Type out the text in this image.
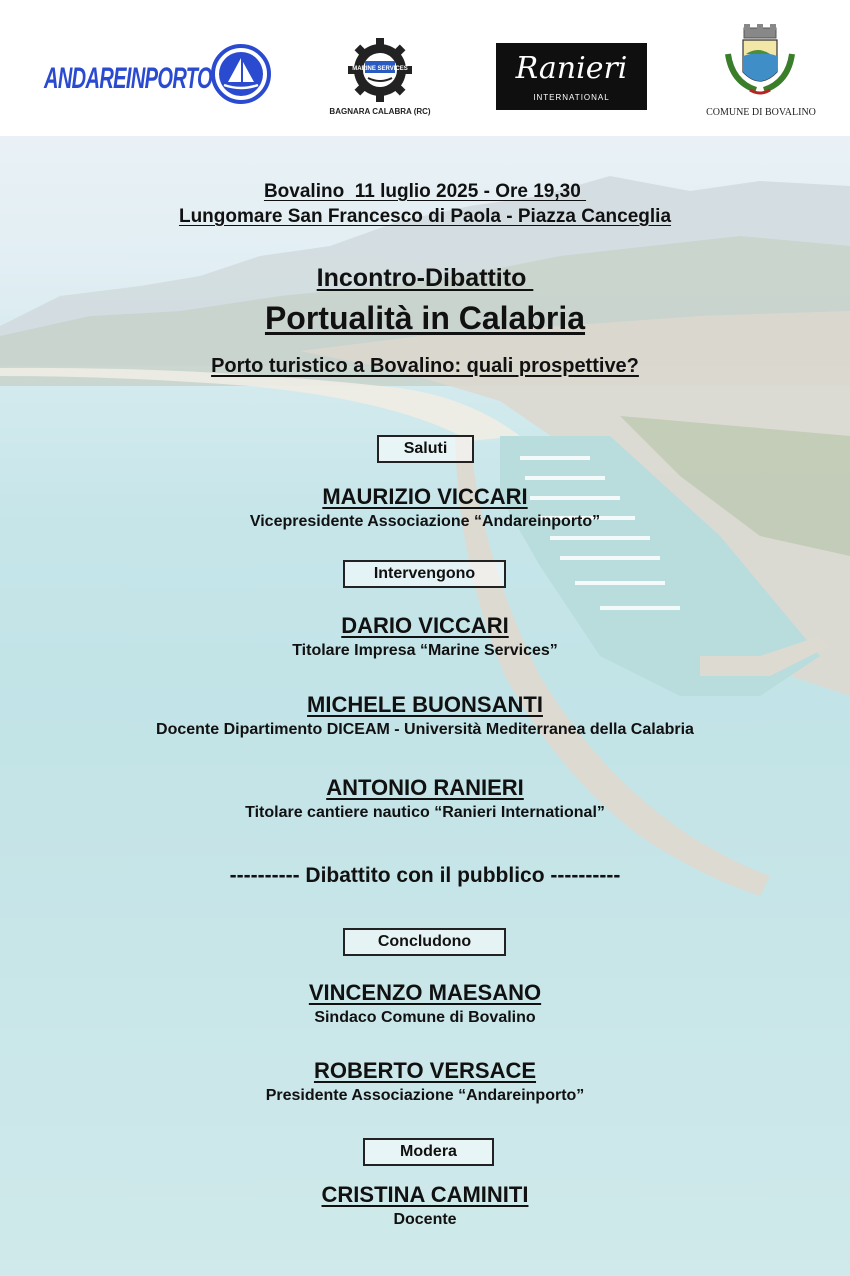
ANDAREINPORTO	MARINE SERVICES
BAGNARA CALABRA (RC)
Ranieri
INTERNATIONAL
COMUNE DI BOVALINO
Bovalino  11 luglio 2025 - Ore 19,30
Lungomare San Francesco di Paola - Piazza Canceglia
Incontro-Dibattito
Portualità in Calabria
Porto turistico a Bovalino: quali prospettive?
Saluti
MAURIZIO VICCARI
Vicepresidente Associazione “Andareinporto”
Intervengono
DARIO VICCARI
Titolare Impresa “Marine Services”
MICHELE BUONSANTI
Docente Dipartimento DICEAM - Università Mediterranea della Calabria
ANTONIO RANIERI
Titolare cantiere nautico “Ranieri International”
---------- Dibattito con il pubblico ----------
Concludono
VINCENZO MAESANO
Sindaco Comune di Bovalino
ROBERTO VERSACE
Presidente Associazione “Andareinporto”
Modera
CRISTINA CAMINITI
Docente
